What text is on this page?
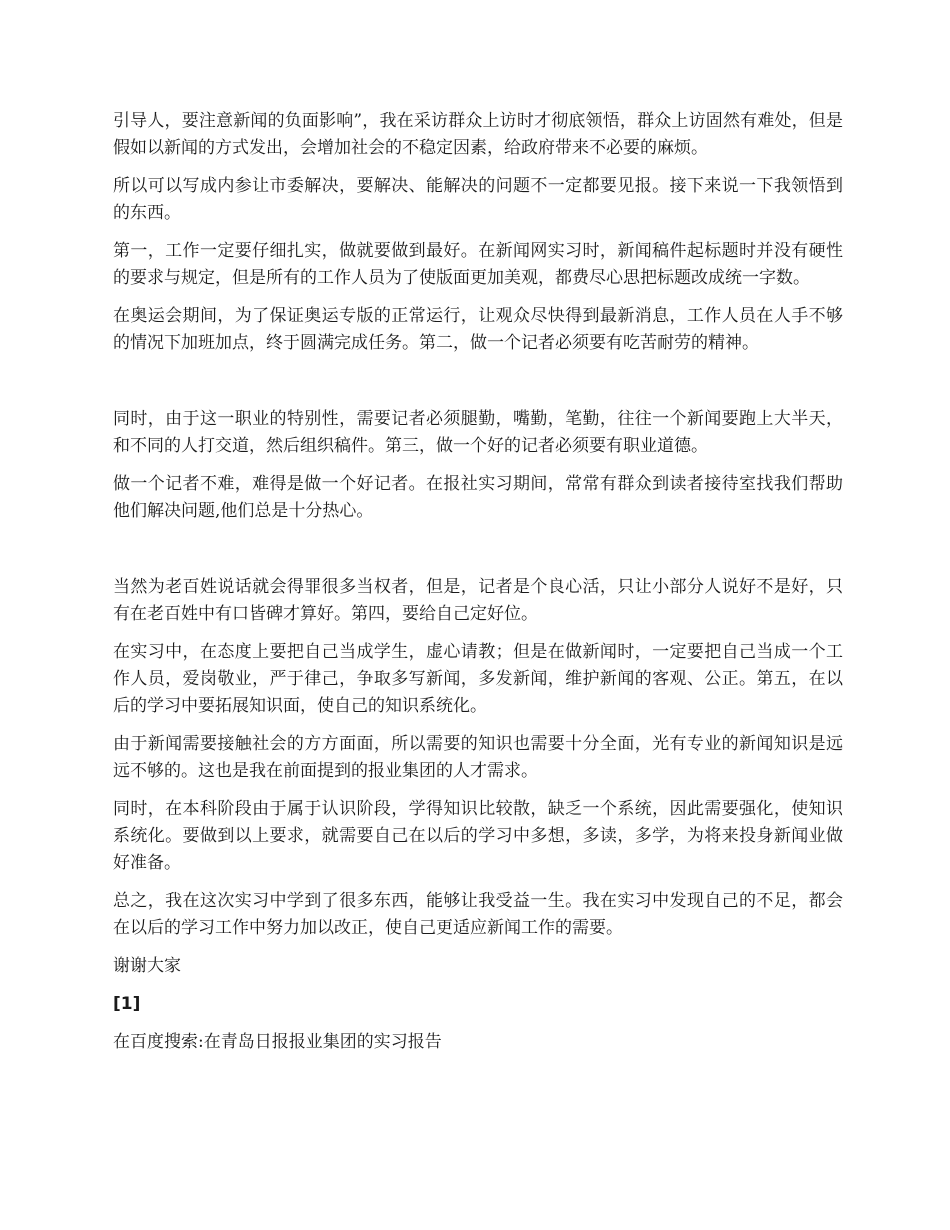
引导人，要注意新闻的负面影响”，我在采访群众上访时才彻底领悟，群众上访固然有难处，但是假如以新闻的方式发出，会增加社会的不稳定因素，给政府带来不必要的麻烦。

所以可以写成内参让市委解决，要解决、能解决的问题不一定都要见报。接下来说一下我领悟到的东西。

第一，工作一定要仔细扎实，做就要做到最好。在新闻网实习时，新闻稿件起标题时并没有硬性的要求与规定，但是所有的工作人员为了使版面更加美观，都费尽心思把标题改成统一字数。

在奥运会期间，为了保证奥运专版的正常运行，让观众尽快得到最新消息，工作人员在人手不够的情况下加班加点，终于圆满完成任务。第二，做一个记者必须要有吃苦耐劳的精神。

同时，由于这一职业的特别性，需要记者必须腿勤，嘴勤，笔勤，往往一个新闻要跑上大半天，和不同的人打交道，然后组织稿件。第三，做一个好的记者必须要有职业道德。

做一个记者不难，难得是做一个好记者。在报社实习期间，常常有群众到读者接待室找我们帮助他们解决问题,他们总是十分热心。

当然为老百姓说话就会得罪很多当权者，但是，记者是个良心活，只让小部分人说好不是好，只有在老百姓中有口皆碑才算好。第四，要给自己定好位。

在实习中，在态度上要把自己当成学生，虚心请教；但是在做新闻时，一定要把自己当成一个工作人员，爱岗敬业，严于律己，争取多写新闻，多发新闻，维护新闻的客观、公正。第五，在以后的学习中要拓展知识面，使自己的知识系统化。

由于新闻需要接触社会的方方面面，所以需要的知识也需要十分全面，光有专业的新闻知识是远远不够的。这也是我在前面提到的报业集团的人才需求。

同时，在本科阶段由于属于认识阶段，学得知识比较散，缺乏一个系统，因此需要强化，使知识系统化。要做到以上要求，就需要自己在以后的学习中多想，多读，多学，为将来投身新闻业做好准备。

总之，我在这次实习中学到了很多东西，能够让我受益一生。我在实习中发现自己的不足，都会在以后的学习工作中努力加以改正，使自己更适应新闻工作的需要。

谢谢大家

[1]

在百度搜索:在青岛日报报业集团的实习报告
